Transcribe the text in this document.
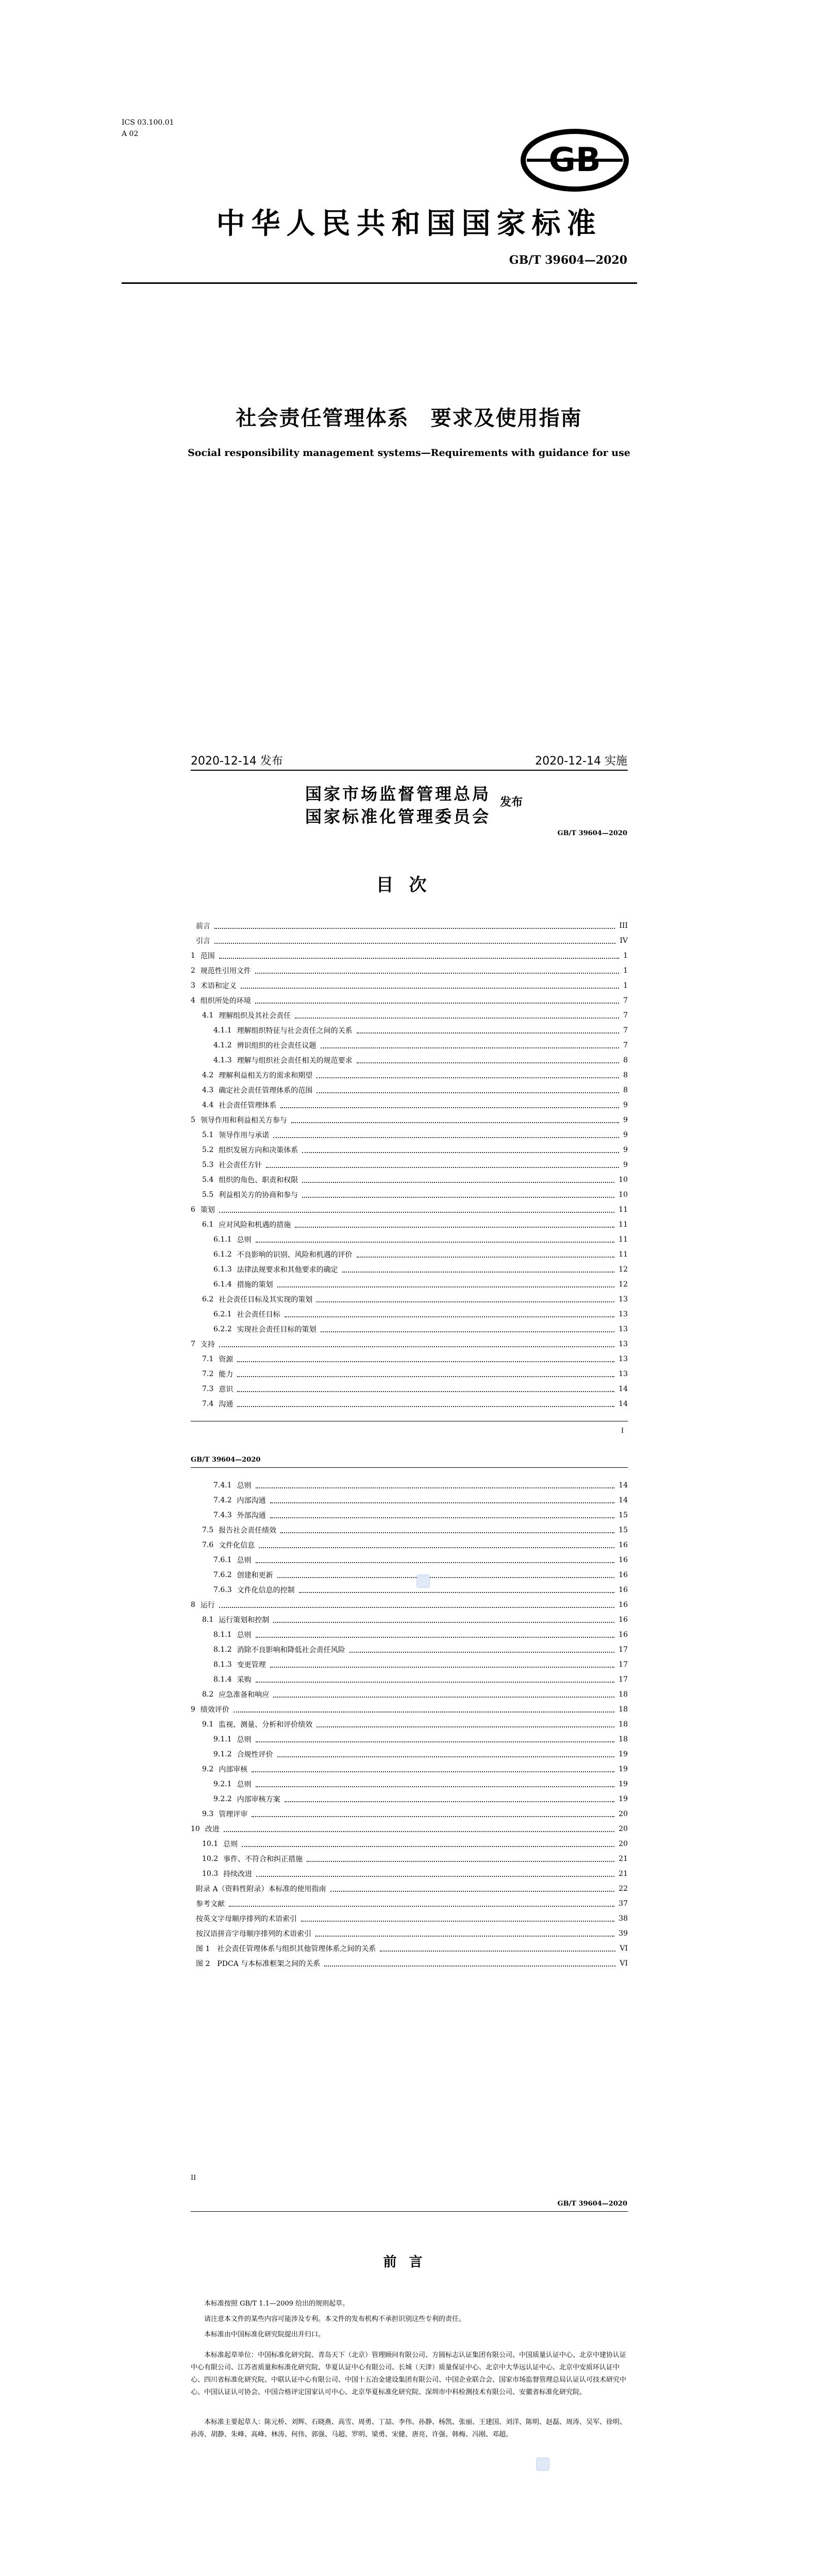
ICS 03.100.01
A 02
GB
中华人民共和国国家标准
GB/T 39604—2020
社会责任管理体系　要求及使用指南
Social responsibility management systems—Requirements with guidance for use
2020-12-14 发布	2020-12-14 实施
国家市场监督管理总局
国家标准化管理委员会
发布
GB/T 39604—2020
目次
前言	III
引言	IV
1 范围	1
2 规范性引用文件	1
3 术语和定义	1
4 组织所处的环境	7
4.1 理解组织及其社会责任	7
4.1.1 理解组织特征与社会责任之间的关系	7
4.1.2 辨识组织的社会责任议题	7
4.1.3 理解与组织社会责任相关的规范要求	8
4.2 理解利益相关方的需求和期望	8
4.3 确定社会责任管理体系的范围	8
4.4 社会责任管理体系	9
5 领导作用和利益相关方参与	9
5.1 领导作用与承诺	9
5.2 组织发展方向和决策体系	9
5.3 社会责任方针	9
5.4 组织的角色、职责和权限	10
5.5 利益相关方的协商和参与	10
6 策划	11
6.1 应对风险和机遇的措施	11
6.1.1 总则	11
6.1.2 不良影响的识别、风险和机遇的评价	11
6.1.3 法律法规要求和其他要求的确定	12
6.1.4 措施的策划	12
6.2 社会责任目标及其实现的策划	13
6.2.1 社会责任目标	13
6.2.2 实现社会责任目标的策划	13
7 支持	13
7.1 资源	13
7.2 能力	13
7.3 意识	14
7.4 沟通	14
I
GB/T 39604—2020
7.4.1 总则	14
7.4.2 内部沟通	14
7.4.3 外部沟通	15
7.5 报告社会责任绩效	15
7.6 文件化信息	16
7.6.1 总则	16
7.6.2 创建和更新	16
7.6.3 文件化信息的控制	16
8 运行	16
8.1 运行策划和控制	16
8.1.1 总则	16
8.1.2 消除不良影响和降低社会责任风险	17
8.1.3 变更管理	17
8.1.4 采购	17
8.2 应急准备和响应	18
9 绩效评价	18
9.1 监视、测量、分析和评价绩效	18
9.1.1 总则	18
9.1.2 合规性评价	19
9.2 内部审核	19
9.2.1 总则	19
9.2.2 内部审核方案	19
9.3 管理评审	20
10 改进	20
10.1 总则	20
10.2 事件、不符合和纠正措施	21
10.3 持续改进	21
附录 A（资料性附录）本标准的使用指南	22
参考文献	37
按英文字母顺序排列的术语索引	38
按汉语拼音字母顺序排列的术语索引	39
图 1　社会责任管理体系与组织其他管理体系之间的关系	VI
图 2　PDCA 与本标准框架之间的关系	VI
II
GB/T 39604—2020
前言
本标准按照 GB/T 1.1—2009 给出的规则起草。
请注意本文件的某些内容可能涉及专利。本文件的发布机构不承担识别这些专利的责任。
本标准由中国标准化研究院提出并归口。
本标准起草单位：中国标准化研究院、青岛天下（北京）管理顾问有限公司、方圆标志认证集团有限公司、中国质量认证中心、北京中建协认证中心有限公司、江苏省质量和标准化研究院、华夏认证中心有限公司、长城（天津）质量保证中心、北京中大华远认证中心、北京中安质环认证中心、四川省标准化研究院、中联认证中心有限公司、中国十五冶金建设集团有限公司、中国企业联合会、国家市场监督管理总局认证认可技术研究中心、中国认证认可协会、中国合格评定国家认可中心、北京华夏标准化研究院、深圳市中科检测技术有限公司、安徽省标准化研究院。
本标准主要起草人：陈元桥、刘辉、石晓燕、高雪、周勇、丁喆、李伟、孙静、杨凯、张丽、王建国、刘洋、陈明、赵磊、周涛、吴军、徐明、孙涛、胡静、朱峰、高峰、林涛、何伟、郭强、马超、罗明、梁勇、宋健、唐亮、许强、韩梅、冯刚、邓超。
